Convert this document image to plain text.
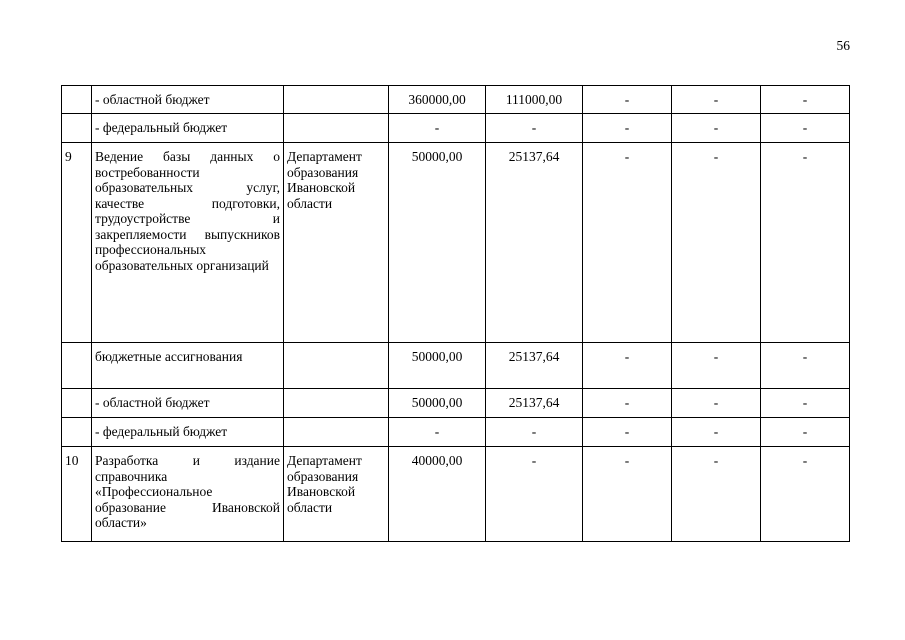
56
	- областной бюджет		360000,00	111000,00	-	-	-
	- федеральный бюджет		-	-	-	-	-
9	Ведение базы данных о востребованности образовательных услуг, качестве подготовки, трудоустройстве и закрепляемости выпускников профессиональных образовательных организаций	Департамент образования Ивановской области	50000,00	25137,64	-	-	-
	бюджетные ассигнования		50000,00	25137,64	-	-	-
	- областной бюджет		50000,00	25137,64	-	-	-
	- федеральный бюджет		-	-	-	-	-
10	Разработка и издание справочника «Профессиональное образование Ивановской области»	Департамент образования Ивановской области	40000,00	-	-	-	-
